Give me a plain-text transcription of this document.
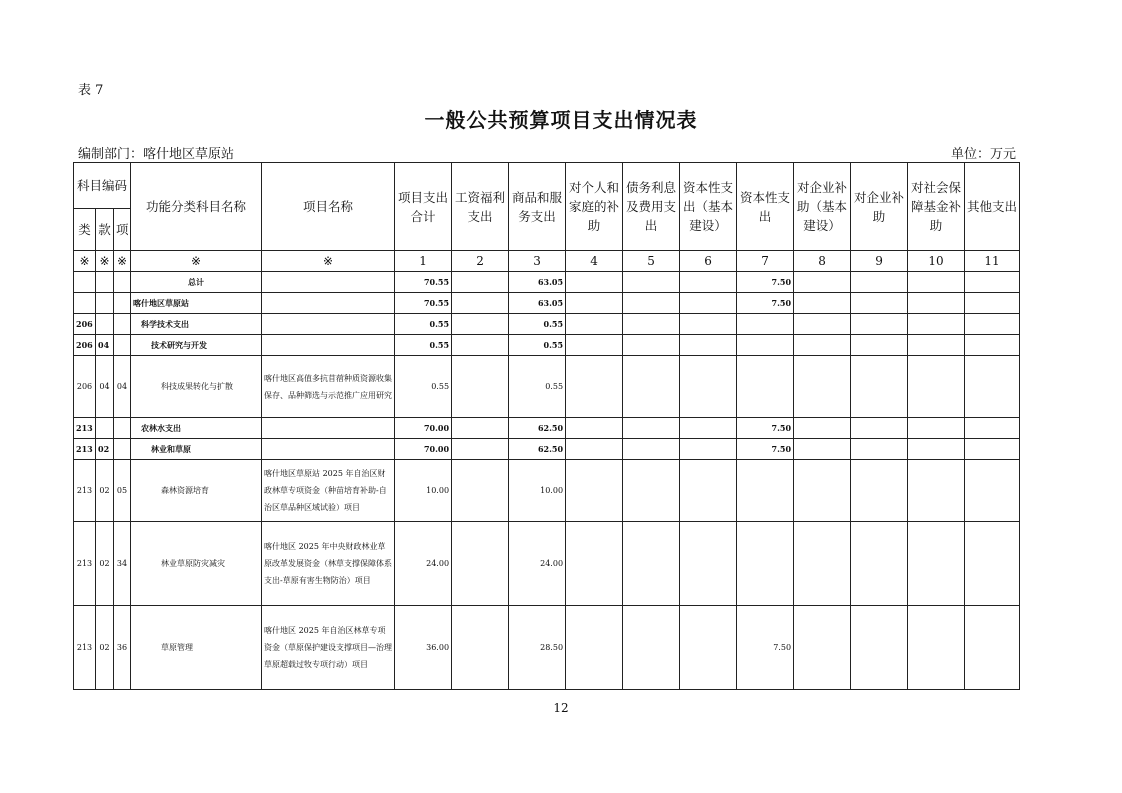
表 7
一般公共预算项目支出情况表
编制部门：喀什地区草原站	单位：万元
科目编码			功能分类科目名称	项目名称	项目支出合计	工资福利支出	商品和服务支出	对个人和家庭的补助	债务利息及费用支出	资本性支出（基本建设）	资本性支出	对企业补助（基本建设）	对企业补助	对社会保障基金补助	其他支出
类	款	项													
※	※	※	※	※	1	2	3	4	5	6	7	8	9	10	11
			总计		70.55		63.05				7.50				
			喀什地区草原站		70.55		63.05				7.50				
206			科学技术支出		0.55		0.55								
206	04		技术研究与开发		0.55		0.55								
206	04	04	科技成果转化与扩散	喀什地区高值多抗苜蓿种质资源收集保存、品种筛选与示范推广应用研究	0.55		0.55								
213			农林水支出		70.00		62.50				7.50				
213	02		林业和草原		70.00		62.50				7.50				
213	02	05	森林资源培育	喀什地区草原站 2025 年自治区财政林草专项资金（种苗培育补助-自治区草品种区域试验）项目	10.00		10.00								
213	02	34	林业草原防灾减灾	喀什地区 2025 年中央财政林业草原改革发展资金（林草支撑保障体系支出-草原有害生物防治）项目	24.00		24.00								
213	02	36	草原管理	喀什地区 2025 年自治区林草专项资金（草原保护建设支撑项目—治理草原超载过牧专项行动）项目	36.00		28.50				7.50				
12
